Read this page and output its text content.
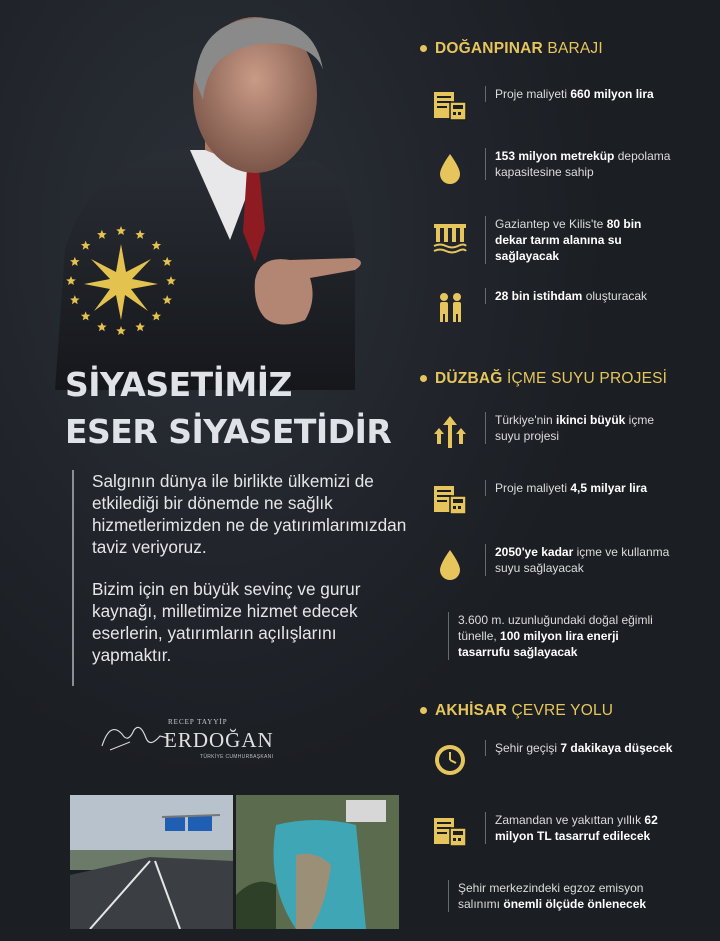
SİYASETİMİZ
ESER SİYASETİDİR

Salgının dünya ile birlikte ülkemizi de etkilediği bir dönemde ne sağlık hizmetlerimizden ne de yatırımlarımızdan taviz veriyoruz.

Bizim için en büyük sevinç ve gurur kaynağı, milletimize hizmet edecek eserlerin, yatırımların açılışlarını yapmaktır.

RECEP TAYYİP
ERDOĞAN
TÜRKİYE CUMHURBAŞKANI
DOĞANPINAR BARAJI
Proje maliyeti 660 milyon lira
153 milyon metreküp depolama kapasitesine sahip
Gaziantep ve Kilis'te 80 bin dekar tarım alanına su sağlayacak
28 bin istihdam oluşturacak
DÜZBAĞ İÇME SUYU PROJESİ
Türkiye'nin ikinci büyük içme suyu projesi
Proje maliyeti 4,5 milyar lira
2050'ye kadar içme ve kullanma suyu sağlayacak
3.600 m. uzunluğundaki doğal eğimli tünelle, 100 milyon lira enerji tasarrufu sağlayacak
AKHİSAR ÇEVRE YOLU
Şehir geçişi 7 dakikaya düşecek
Zamandan ve yakıttan yıllık 62 milyon TL tasarruf edilecek
Şehir merkezindeki egzoz emisyon salınımı önemli ölçüde önlenecek
